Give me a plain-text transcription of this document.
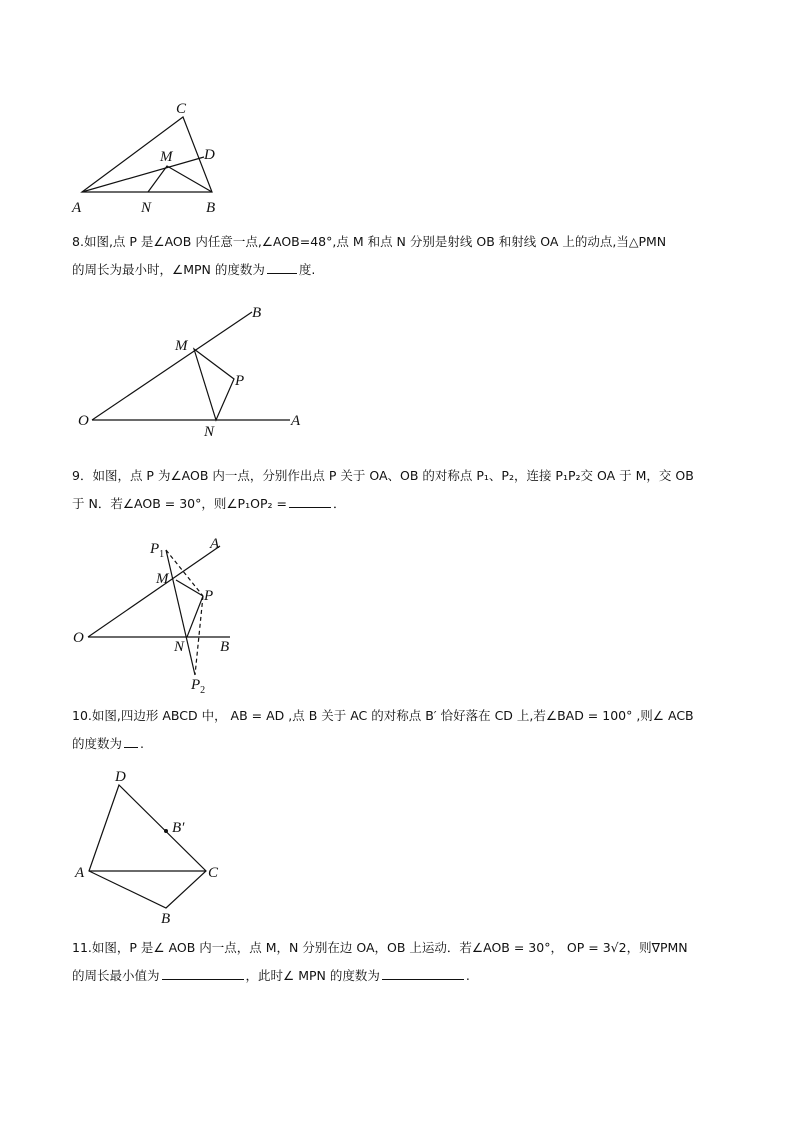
C
D
M
A	N	B
8.如图,点 P 是∠AOB 内任意一点,∠AOB=48°,点 M 和点 N 分别是射线 OB 和射线 OA 上的动点,当△PMN
的周长为最小时，∠MPN 的度数为	度.
B
M
P
O
N
A
9．如图，点 P 为∠AOB 内一点，分别作出点 P 关于 OA、OB 的对称点 P₁、P₂，连接 P₁P₂交 OA 于 M，交 OB
于 N．若∠AOB = 30°，则∠P₁OP₂ =	．
$P_1$
A
M
P
O
N B
$P_2$
10.如图,四边形 ABCD 中， AB = AD ,点 B 关于 AC 的对称点 B′ 恰好落在 CD 上,若∠BAD = 100° ,则∠ ACB
的度数为 .
D
B′
A	C
B
11.如图，P 是∠ AOB 内一点，点 M，N 分别在边 OA，OB 上运动．若∠AOB = 30°， OP = 3√2，则∇PMN
的周长最小值为	，此时∠ MPN 的度数为	.
